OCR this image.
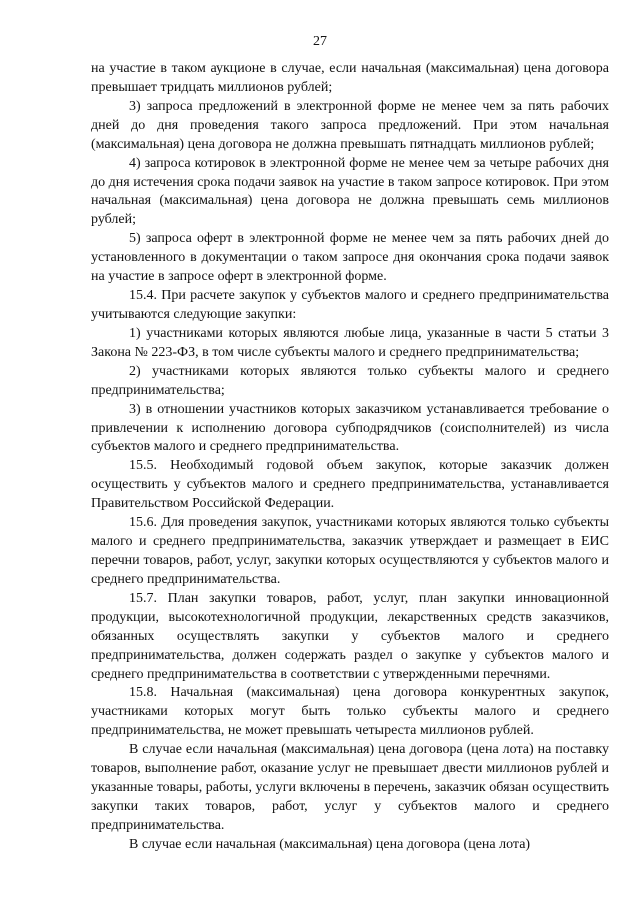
27

на участие в таком аукционе в случае, если начальная (максимальная) цена договора превышает тридцать миллионов рублей;

3) запроса предложений в электронной форме не менее чем за пять рабочих дней до дня проведения такого запроса предложений. При этом начальная (максимальная) цена договора не должна превышать пятнадцать миллионов рублей;

4) запроса котировок в электронной форме не менее чем за четыре рабочих дня до дня истечения срока подачи заявок на участие в таком запросе котировок. При этом начальная (максимальная) цена договора не должна превышать семь миллионов рублей;

5) запроса оферт в электронной форме не менее чем за пять рабочих дней до установленного в документации о таком запросе дня окончания срока подачи заявок на участие в запросе оферт в электронной форме.

15.4. При расчете закупок у субъектов малого и среднего предпринимательства учитываются следующие закупки:

1) участниками которых являются любые лица, указанные в части 5 статьи 3 Закона № 223-ФЗ, в том числе субъекты малого и среднего предпринимательства;

2) участниками которых являются только субъекты малого и среднего предпринимательства;

3) в отношении участников которых заказчиком устанавливается требование о привлечении к исполнению договора субподрядчиков (соисполнителей) из числа субъектов малого и среднего предпринимательства.

15.5. Необходимый годовой объем закупок, которые заказчик должен осуществить у субъектов малого и среднего предпринимательства, устанавливается Правительством Российской Федерации.

15.6. Для проведения закупок, участниками которых являются только субъекты малого и среднего предпринимательства, заказчик утверждает и размещает в ЕИС перечни товаров, работ, услуг, закупки которых осуществляются у субъектов малого и среднего предпринимательства.

15.7. План закупки товаров, работ, услуг, план закупки инновационной продукции, высокотехнологичной продукции, лекарственных средств заказчиков, обязанных осуществлять закупки у субъектов малого и среднего предпринимательства, должен содержать раздел о закупке у субъектов малого и среднего предпринимательства в соответствии с утвержденными перечнями.

15.8. Начальная (максимальная) цена договора конкурентных закупок, участниками которых могут быть только субъекты малого и среднего предпринимательства, не может превышать четыреста миллионов рублей.

В случае если начальная (максимальная) цена договора (цена лота) на поставку товаров, выполнение работ, оказание услуг не превышает двести миллионов рублей и указанные товары, работы, услуги включены в перечень, заказчик обязан осуществить закупки таких товаров, работ, услуг у субъектов малого и среднего предпринимательства.

В случае если начальная (максимальная) цена договора (цена лота)
